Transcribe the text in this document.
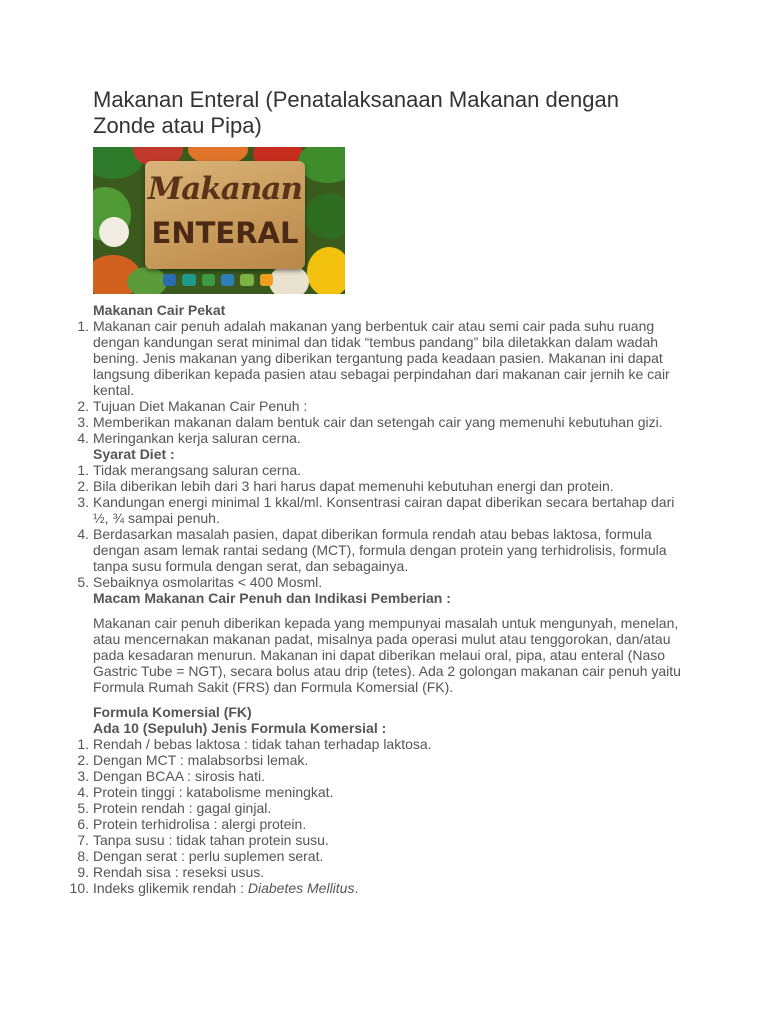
Makanan Enteral (Penatalaksanaan Makanan dengan Zonde atau Pipa)
Makanan
ENTERAL
Makanan Cair Pekat
1. Makanan cair penuh adalah makanan yang berbentuk cair atau semi cair pada suhu ruang dengan kandungan serat minimal dan tidak “tembus pandang” bila diletakkan dalam wadah bening. Jenis makanan yang diberikan tergantung pada keadaan pasien. Makanan ini dapat langsung diberikan kepada pasien atau sebagai perpindahan dari makanan cair jernih ke cair kental.
2. Tujuan Diet Makanan Cair Penuh :
3. Memberikan makanan dalam bentuk cair dan setengah cair yang memenuhi kebutuhan gizi.
4. Meringankan kerja saluran cerna.
Syarat Diet :
1. Tidak merangsang saluran cerna.
2. Bila diberikan lebih dari 3 hari harus dapat memenuhi kebutuhan energi dan protein.
3. Kandungan energi minimal 1 kkal/ml. Konsentrasi cairan dapat diberikan secara bertahap dari ½, ¾ sampai penuh.
4. Berdasarkan masalah pasien, dapat diberikan formula rendah atau bebas laktosa, formula dengan asam lemak rantai sedang (MCT), formula dengan protein yang terhidrolisis, formula tanpa susu formula dengan serat, dan sebagainya.
5. Sebaiknya osmolaritas < 400 Mosml.
Macam Makanan Cair Penuh dan Indikasi Pemberian :

Makanan cair penuh diberikan kepada yang mempunyai masalah untuk mengunyah, menelan, atau mencernakan makanan padat, misalnya pada operasi mulut atau tenggorokan, dan/atau pada kesadaran menurun. Makanan ini dapat diberikan melaui oral, pipa, atau enteral (Naso Gastric Tube = NGT), secara bolus atau drip (tetes). Ada 2 golongan makanan cair penuh yaitu Formula Rumah Sakit (FRS) dan Formula Komersial (FK).

Formula Komersial (FK)
Ada 10 (Sepuluh) Jenis Formula Komersial :
1. Rendah / bebas laktosa : tidak tahan terhadap laktosa.
2. Dengan MCT : malabsorbsi lemak.
3. Dengan BCAA : sirosis hati.
4. Protein tinggi : katabolisme meningkat.
5. Protein rendah : gagal ginjal.
6. Protein terhidrolisa : alergi protein.
7. Tanpa susu : tidak tahan protein susu.
8. Dengan serat : perlu suplemen serat.
9. Rendah sisa : reseksi usus.
10. Indeks glikemik rendah : Diabetes Mellitus.
